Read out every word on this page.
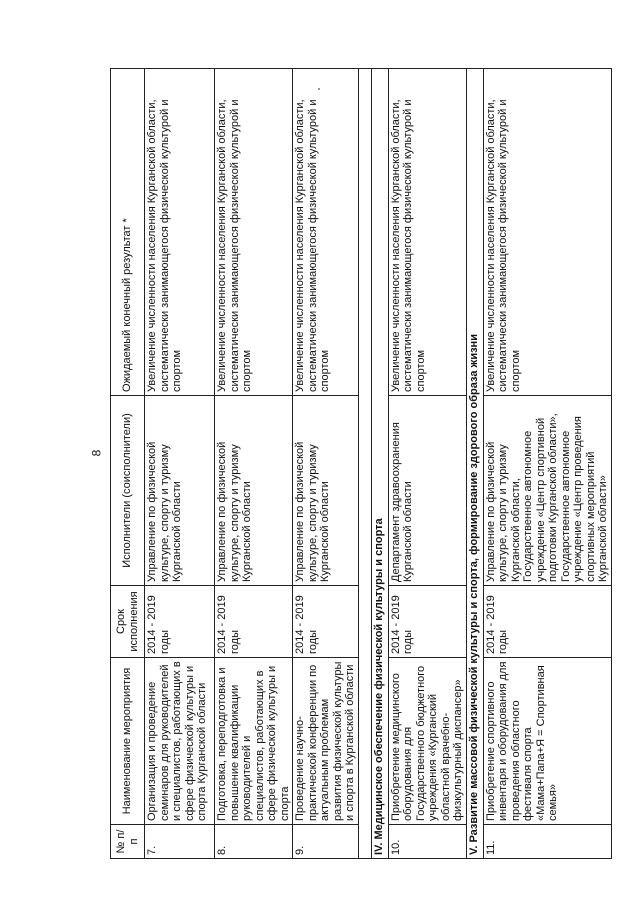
8
№ п/п	Наименование мероприятия	Срок исполнения	Исполнители (соисполнители)	Ожидаемый конечный результат *
7.	Организация и проведение семинаров для руководителей и специалистов, работающих в сфере физической культуры и спорта Курганской области	2014 - 2019 годы	Управление по физической культуре, спорту и туризму Курганской области	Увеличение численности населения Курганской области, систематически занимающегося физической культурой и спортом
8.	Подготовка, переподготовка и повышение квалификации руководителей и специалистов, работающих в сфере физической культуры и спорта	2014 - 2019 годы	Управление по физической культуре, спорту и туризму Курганской области	Увеличение численности населения Курганской области, систематически занимающегося физической культурой и спортом
9.	Проведение научно-практической конференции по актуальным проблемам развития физической культуры и спорта в Курганской области	2014 - 2019 годы	Управление по физической культуре, спорту и туризму Курганской области	Увеличение численности населения Курганской области, систематически занимающегося физической культурой и спортом

IV. Медицинское обеспечение физической культуры и спорта				
10.	Приобретение медицинского оборудования для Государственного бюджетного учреждения «Курганский областной врачебно-физкультурный диспансер»	2014 - 2019 годы	Департамент здравоохранения Курганской области	Увеличение численности населения Курганской области, систематически занимающегося физической культурой и спортом
V. Развитие массовой физической культуры и спорта, формирование здорового образа жизни				
11.	Приобретение спортивного инвентаря и оборудования для проведения областного фестиваля спорта «Мама+Папа+Я = Спортивная семья»	2014 - 2019 годы	Управление по физической культуре, спорту и туризму Курганской области, Государственное автономное учреждение «Центр спортивной подготовки Курганской области», Государственное автономное учреждение «Центр проведения спортивных мероприятий Курганской области»	Увеличение численности населения Курганской области, систематически занимающегося физической культурой и спортом
